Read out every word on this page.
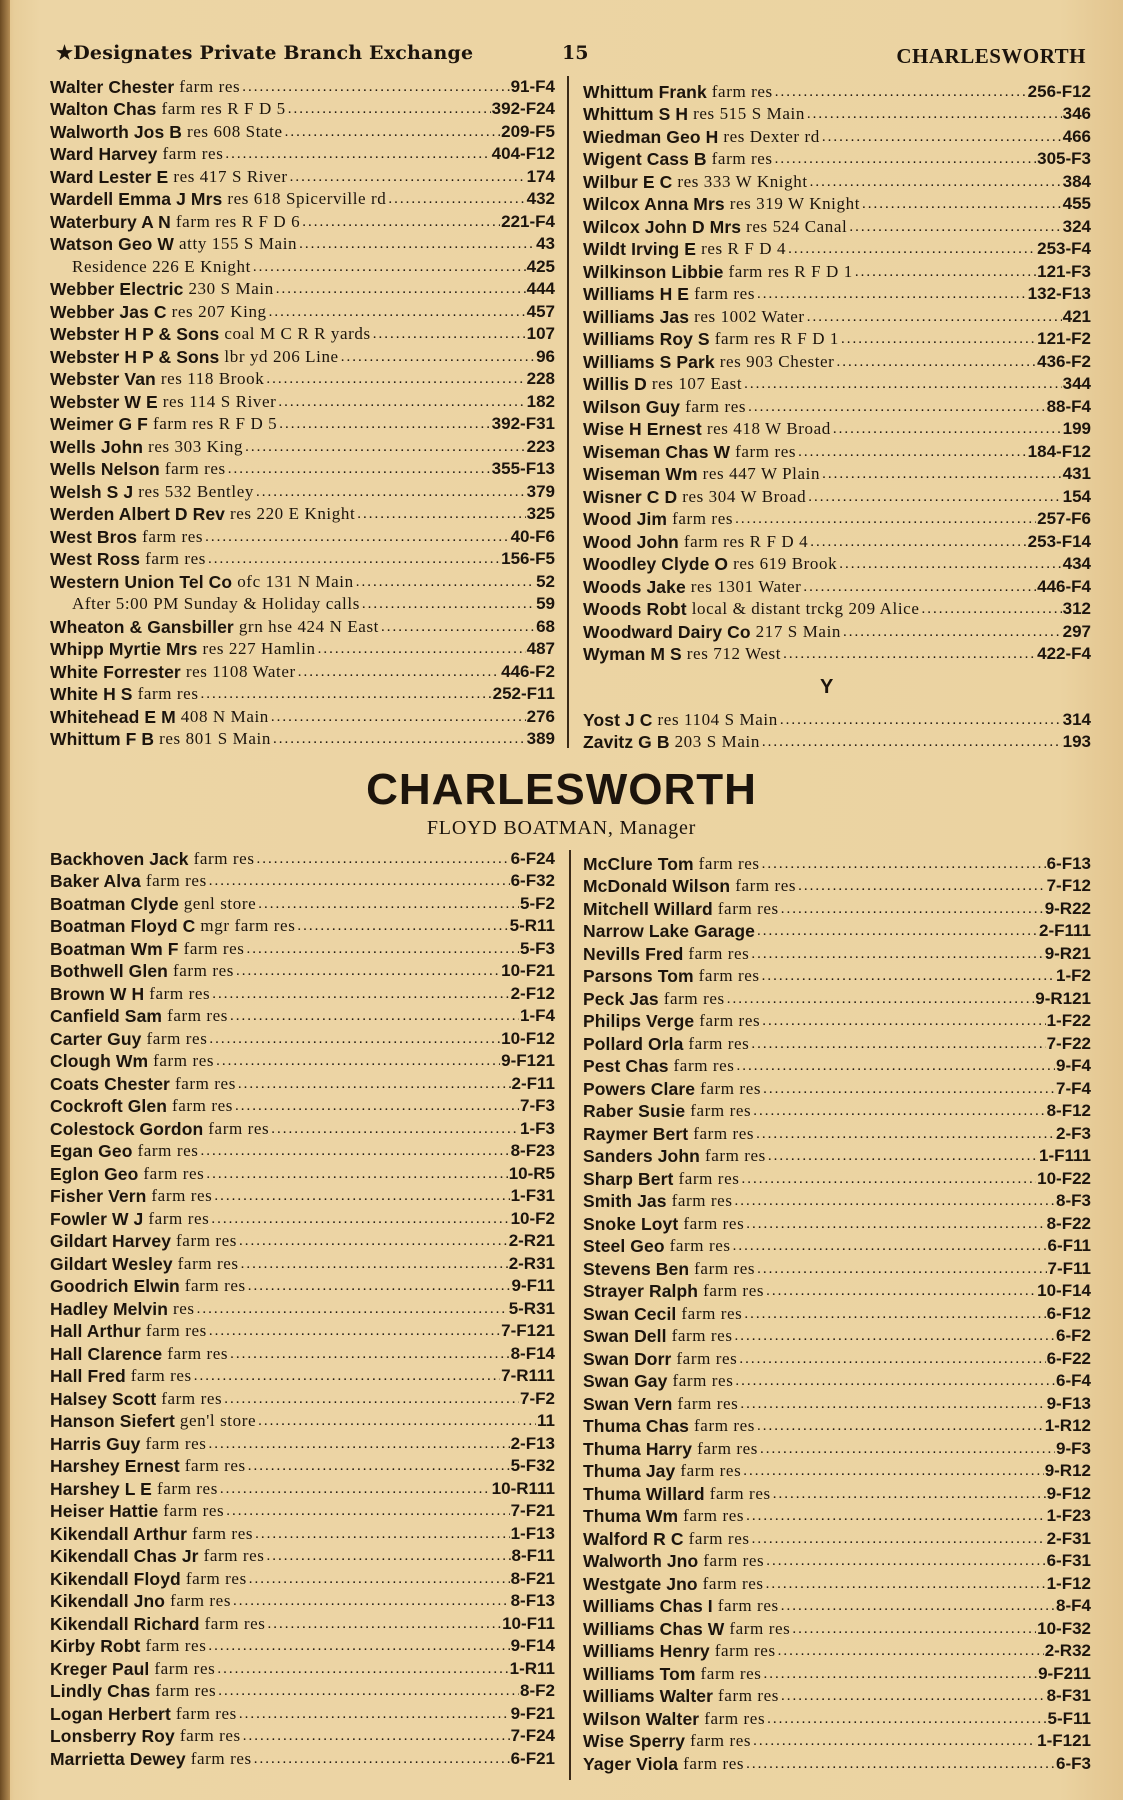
★Designates Private Branch Exchange	15	CHARLESWORTH
Walter Chester farm res .....	91-F4
Walton Chas farm res R F D 5 .....	392-F24
Walworth Jos B res 608 State .....	209-F5
Ward Harvey farm res .....	404-F12
Ward Lester E res 417 S River .....	174
Wardell Emma J Mrs res 618 Spicerville rd .....	432
Waterbury A N farm res R F D 6 .....	221-F4
Watson Geo W atty 155 S Main .....	43
Residence 226 E Knight .....	425
Webber Electric 230 S Main .....	444
Webber Jas C res 207 King .....	457
Webster H P & Sons coal M C R R yards .....	107
Webster H P & Sons lbr yd 206 Line .....	96
Webster Van res 118 Brook .....	228
Webster W E res 114 S River .....	182
Weimer G F farm res R F D 5 .....	392-F31
Wells John res 303 King .....	223
Wells Nelson farm res .....	355-F13
Welsh S J res 532 Bentley .....	379
Werden Albert D Rev res 220 E Knight .....	325
West Bros farm res .....	40-F6
West Ross farm res .....	156-F5
Western Union Tel Co ofc 131 N Main .....	52
After 5:00 PM Sunday & Holiday calls .....	59
Wheaton & Gansbiller grn hse 424 N East .....	68
Whipp Myrtie Mrs res 227 Hamlin .....	487
White Forrester res 1108 Water .....	446-F2
White H S farm res .....	252-F11
Whitehead E M 408 N Main .....	276
Whittum F B res 801 S Main .....	389
Whittum Frank farm res .....	256-F12
Whittum S H res 515 S Main .....	346
Wiedman Geo H res Dexter rd .....	466
Wigent Cass B farm res .....	305-F3
Wilbur E C res 333 W Knight .....	384
Wilcox Anna Mrs res 319 W Knight .....	455
Wilcox John D Mrs res 524 Canal .....	324
Wildt Irving E res R F D 4 .....	253-F4
Wilkinson Libbie farm res R F D 1 .....	121-F3
Williams H E farm res .....	132-F13
Williams Jas res 1002 Water .....	421
Williams Roy S farm res R F D 1 .....	121-F2
Williams S Park res 903 Chester .....	436-F2
Willis D res 107 East .....	344
Wilson Guy farm res .....	88-F4
Wise H Ernest res 418 W Broad .....	199
Wiseman Chas W farm res .....	184-F12
Wiseman Wm res 447 W Plain .....	431
Wisner C D res 304 W Broad .....	154
Wood Jim farm res .....	257-F6
Wood John farm res R F D 4 .....	253-F14
Woodley Clyde O res 619 Brook .....	434
Woods Jake res 1301 Water .....	446-F4
Woods Robt local & distant trckg 209 Alice .....	312
Woodward Dairy Co 217 S Main .....	297
Wyman M S res 712 West .....	422-F4
Y
Yost J C res 1104 S Main .....	314
Zavitz G B 203 S Main .....	193
CHARLESWORTH
FLOYD BOATMAN, Manager
Backhoven Jack farm res .....	6-F24
Baker Alva farm res .....	6-F32
Boatman Clyde genl store .....	5-F2
Boatman Floyd C mgr farm res .....	5-R11
Boatman Wm F farm res .....	5-F3
Bothwell Glen farm res .....	10-F21
Brown W H farm res .....	2-F12
Canfield Sam farm res .....	1-F4
Carter Guy farm res .....	10-F12
Clough Wm farm res .....	9-F121
Coats Chester farm res .....	2-F11
Cockroft Glen farm res .....	7-F3
Colestock Gordon farm res .....	1-F3
Egan Geo farm res .....	8-F23
Eglon Geo farm res .....	10-R5
Fisher Vern farm res .....	1-F31
Fowler W J farm res .....	10-F2
Gildart Harvey farm res .....	2-R21
Gildart Wesley farm res .....	2-R31
Goodrich Elwin farm res .....	9-F11
Hadley Melvin res .....	5-R31
Hall Arthur farm res .....	7-F121
Hall Clarence farm res .....	8-F14
Hall Fred farm res .....	7-R111
Halsey Scott farm res .....	7-F2
Hanson Siefert gen'l store .....	11
Harris Guy farm res .....	2-F13
Harshey Ernest farm res .....	5-F32
Harshey L E farm res .....	10-R111
Heiser Hattie farm res .....	7-F21
Kikendall Arthur farm res .....	1-F13
Kikendall Chas Jr farm res .....	8-F11
Kikendall Floyd farm res .....	8-F21
Kikendall Jno farm res .....	8-F13
Kikendall Richard farm res .....	10-F11
Kirby Robt farm res .....	9-F14
Kreger Paul farm res .....	1-R11
Lindly Chas farm res .....	8-F2
Logan Herbert farm res .....	9-F21
Lonsberry Roy farm res .....	7-F24
Marrietta Dewey farm res .....	6-F21
McClure Tom farm res .....	6-F13
McDonald Wilson farm res .....	7-F12
Mitchell Willard farm res .....	9-R22
Narrow Lake Garage .....	2-F111
Nevills Fred farm res .....	9-R21
Parsons Tom farm res .....	1-F2
Peck Jas farm res .....	9-R121
Philips Verge farm res .....	1-F22
Pollard Orla farm res .....	7-F22
Pest Chas farm res .....	9-F4
Powers Clare farm res .....	7-F4
Raber Susie farm res .....	8-F12
Raymer Bert farm res .....	2-F3
Sanders John farm res .....	1-F111
Sharp Bert farm res .....	10-F22
Smith Jas farm res .....	8-F3
Snoke Loyt farm res .....	8-F22
Steel Geo farm res .....	6-F11
Stevens Ben farm res .....	7-F11
Strayer Ralph farm res .....	10-F14
Swan Cecil farm res .....	6-F12
Swan Dell farm res .....	6-F2
Swan Dorr farm res .....	6-F22
Swan Gay farm res .....	6-F4
Swan Vern farm res .....	9-F13
Thuma Chas farm res .....	1-R12
Thuma Harry farm res .....	9-F3
Thuma Jay farm res .....	9-R12
Thuma Willard farm res .....	9-F12
Thuma Wm farm res .....	1-F23
Walford R C farm res .....	2-F31
Walworth Jno farm res .....	6-F31
Westgate Jno farm res .....	1-F12
Williams Chas I farm res .....	8-F4
Williams Chas W farm res .....	10-F32
Williams Henry farm res .....	2-R32
Williams Tom farm res .....	9-F211
Williams Walter farm res .....	8-F31
Wilson Walter farm res .....	5-F11
Wise Sperry farm res .....	1-F121
Yager Viola farm res .....	6-F3
